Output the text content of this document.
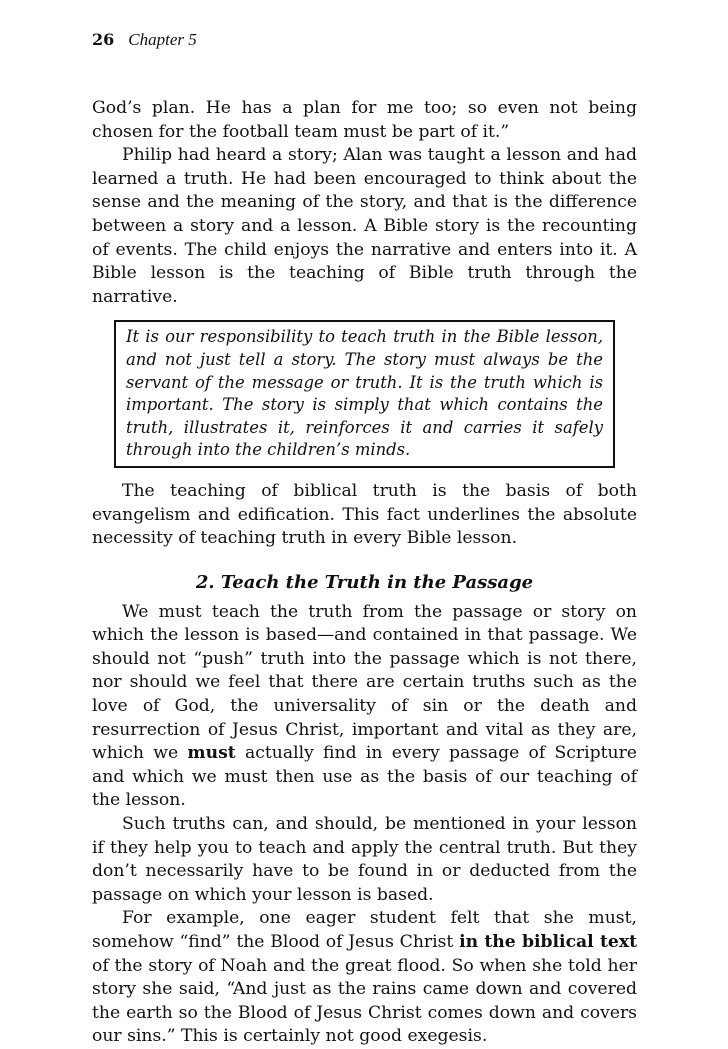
26 Chapter 5

God’s plan. He has a plan for me too; so even not being chosen for the football team must be part of it.”

Philip had heard a story; Alan was taught a lesson and had learned a truth. He had been encouraged to think about the sense and the meaning of the story, and that is the difference between a story and a lesson. A Bible story is the recounting of events. The child enjoys the narrative and enters into it. A Bible lesson is the teaching of Bible truth through the narrative.

It is our responsibility to teach truth in the Bible lesson, and not just tell a story. The story must always be the servant of the message or truth. It is the truth which is important. The story is simply that which contains the truth, illustrates it, reinforces it and carries it safely through into the children’s minds.

The teaching of biblical truth is the basis of both evangelism and edification. This fact underlines the absolute necessity of teaching truth in every Bible lesson.

2. Teach the Truth in the Passage

We must teach the truth from the passage or story on which the lesson is based—and contained in that passage. We should not “push” truth into the passage which is not there, nor should we feel that there are certain truths such as the love of God, the universality of sin or the death and resurrection of Jesus Christ, important and vital as they are, which we must actually find in every passage of Scripture and which we must then use as the basis of our teaching of the lesson.

Such truths can, and should, be mentioned in your lesson if they help you to teach and apply the central truth. But they don’t necessarily have to be found in or deducted from the passage on which your lesson is based.

For example, one eager student felt that she must, somehow “find” the Blood of Jesus Christ in the biblical text of the story of Noah and the great flood. So when she told her story she said, “And just as the rains came down and covered the earth so the Blood of Jesus Christ comes down and covers our sins.” This is certainly not good exegesis.
